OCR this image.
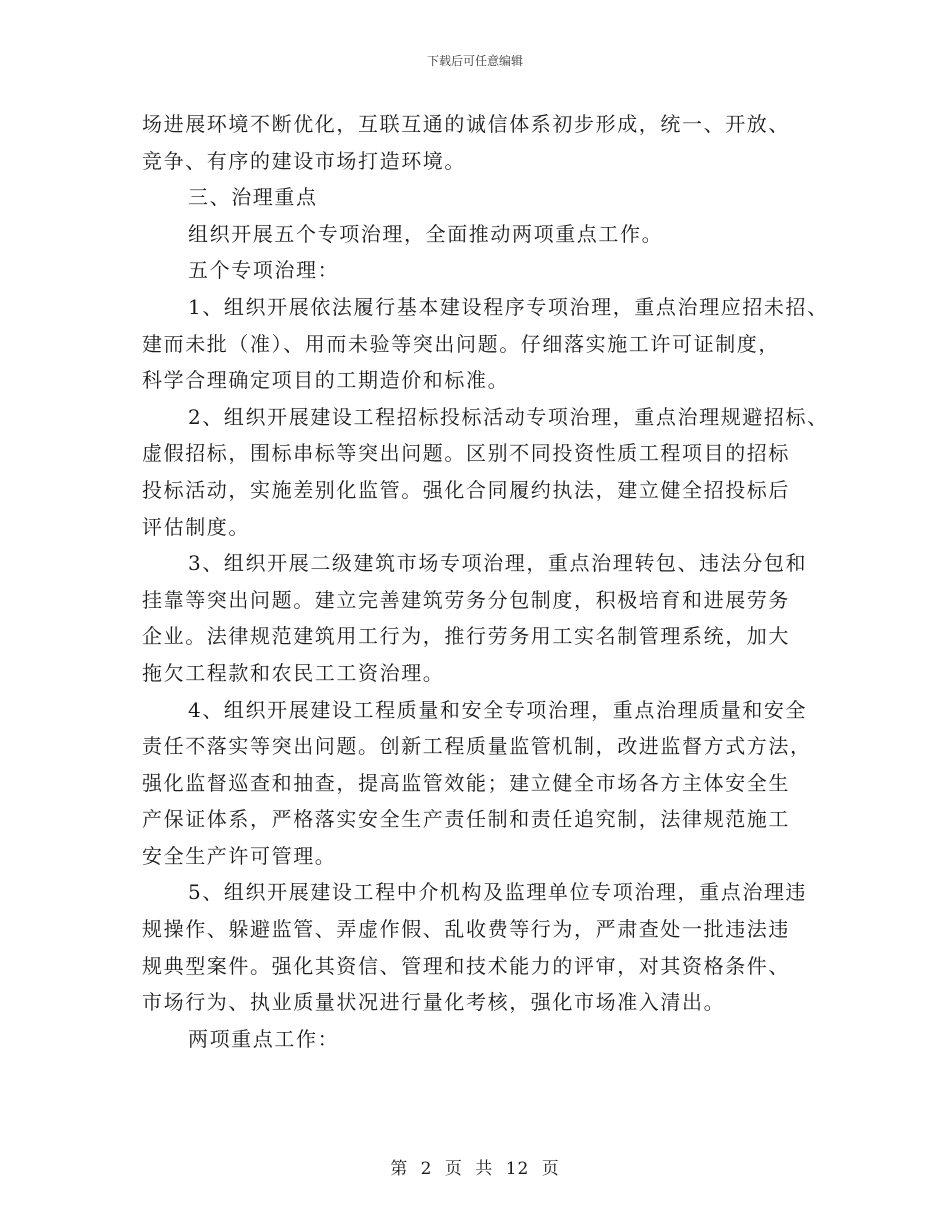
下载后可任意编辑
场进展环境不断优化，互联互通的诚信体系初步形成，统一、开放、
竞争、有序的建设市场打造环境。
三、治理重点
组织开展五个专项治理，全面推动两项重点工作。
五个专项治理：
1、组织开展依法履行基本建设程序专项治理，重点治理应招未招、
建而未批（准）、用而未验等突出问题。仔细落实施工许可证制度，
科学合理确定项目的工期造价和标准。
2、组织开展建设工程招标投标活动专项治理，重点治理规避招标、
虚假招标，围标串标等突出问题。区别不同投资性质工程项目的招标
投标活动，实施差别化监管。强化合同履约执法，建立健全招投标后
评估制度。
3、组织开展二级建筑市场专项治理，重点治理转包、违法分包和
挂靠等突出问题。建立完善建筑劳务分包制度，积极培育和进展劳务
企业。法律规范建筑用工行为，推行劳务用工实名制管理系统，加大
拖欠工程款和农民工工资治理。
4、组织开展建设工程质量和安全专项治理，重点治理质量和安全
责任不落实等突出问题。创新工程质量监管机制，改进监督方式方法，
强化监督巡查和抽查，提高监管效能；建立健全市场各方主体安全生
产保证体系，严格落实安全生产责任制和责任追究制，法律规范施工
安全生产许可管理。
5、组织开展建设工程中介机构及监理单位专项治理，重点治理违
规操作、躲避监管、弄虚作假、乱收费等行为，严肃查处一批违法违
规典型案件。强化其资信、管理和技术能力的评审，对其资格条件、
市场行为、执业质量状况进行量化考核，强化市场准入清出。
两项重点工作：
第 2 页 共 12 页
